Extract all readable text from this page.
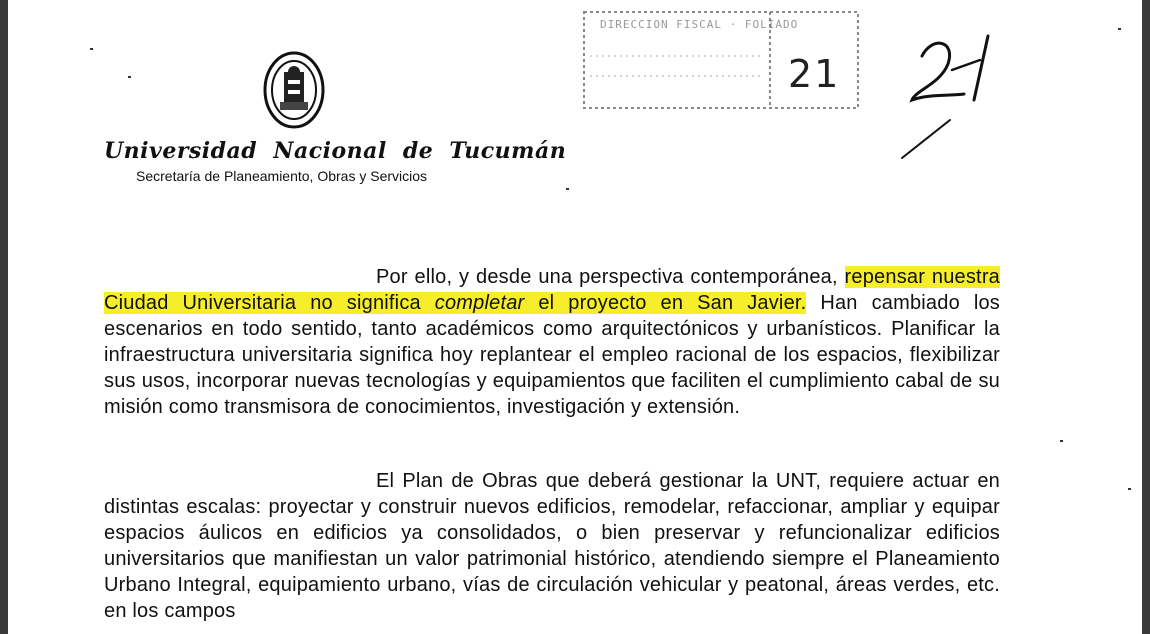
Universidad Nacional de Tucumán
Secretaría de Planeamiento, Obras y Servicios
DIRECCION FISCAL · FOLIADO
21
Por ello, y desde una perspectiva contemporánea, repensar nuestra Ciudad Universitaria no significa completar el proyecto en San Javier. Han cambiado los escenarios en todo sentido, tanto académicos como arquitectónicos y urbanísticos. Planificar la infraestructura universitaria significa hoy replantear el empleo racional de los espacios, flexibilizar sus usos, incorporar nuevas tecnologías y equipamientos que faciliten el cumplimiento cabal de su misión como transmisora de conocimientos, investigación y extensión.
El Plan de Obras que deberá gestionar la UNT, requiere actuar en distintas escalas: proyectar y construir nuevos edificios, remodelar, refaccionar, ampliar y equipar espacios áulicos en edificios ya consolidados, o bien preservar y refuncionalizar edificios universitarios que manifiestan un valor patrimonial histórico, atendiendo siempre el Planeamiento Urbano Integral, equipamiento urbano, vías de circulación vehicular y peatonal, áreas verdes, etc. en los campos
